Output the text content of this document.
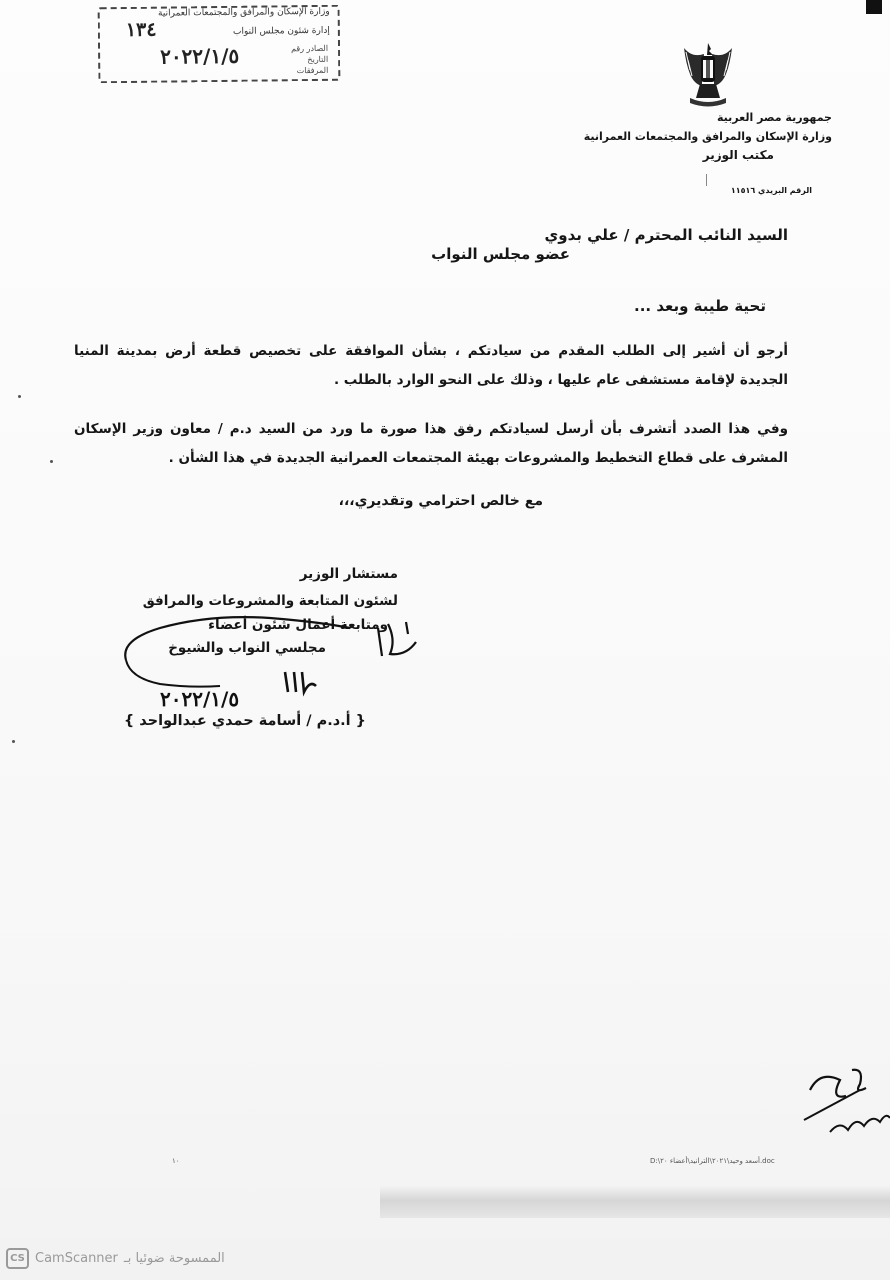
وزارة الإسكان والمرافق والمجتمعات العمرانية
١٣٤	إدارة شئون مجلس النواب
٢٠٢٢/١/٥	الصادر رقم
التاريخ
المرفقات
جمهورية مصر العربية
وزارة الإسكان والمرافق والمجتمعات العمرانية
مكتب الوزير
الرقم البريدي ١١٥١٦
السيد النائب المحترم / علي بدوي
عضو مجلس النواب
تحية طيبة وبعد ...
أرجو أن أشير إلى الطلب المقدم من سيادتكم ، بشأن الموافقة على تخصيص قطعة أرض بمدينة المنيا الجديدة لإقامة مستشفى عام عليها ، وذلك على النحو الوارد بالطلب .
وفي هذا الصدد أتشرف بأن أرسل لسيادتكم رفق هذا صورة ما ورد من السيد د.م / معاون وزير الإسكان المشرف على قطاع التخطيط والمشروعات بهيئة المجتمعات العمرانية الجديدة في هذا الشأن .
مع خالص احترامي وتقديري،،،
مستشار الوزير
لشئون المتابعة والمشروعات والمرافق
ومتابعة أعمال شئون أعضاء
مجلسي النواب والشيوخ
٢٠٢٢/١/٥
{ أ.د.م / أسامة حمدي عبدالواحد }
D:\أسعد وحيد\٢٠٢١\الترانيد\أعضاء ٢٠.doc
١٠
CS CamScanner الممسوحة ضوئيا بـ
